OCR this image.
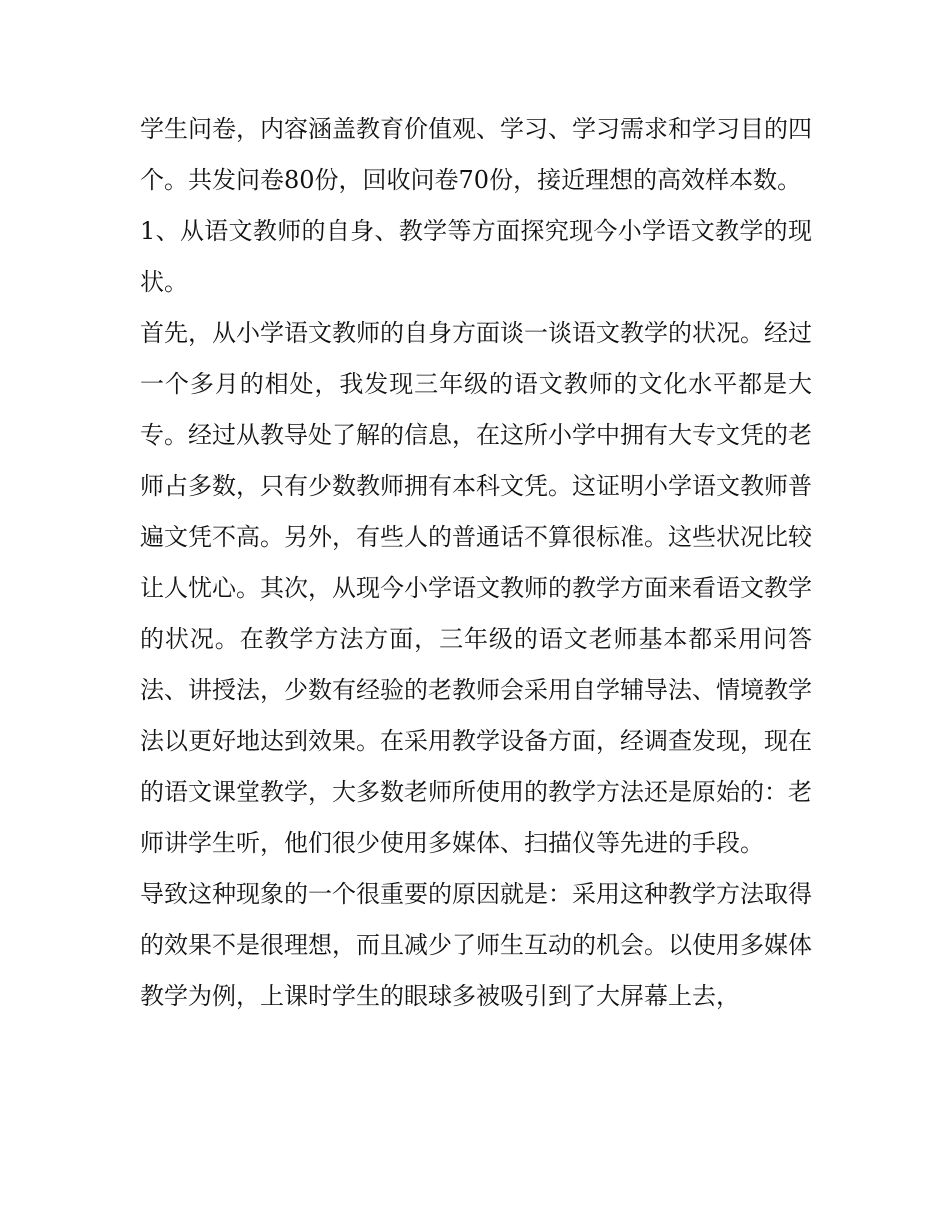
学生问卷，内容涵盖教育价值观、学习、学习需求和学习目的四个。共发问卷80份，回收问卷70份，接近理想的高效样本数。

1、从语文教师的自身、教学等方面探究现今小学语文教学的现状。

首先，从小学语文教师的自身方面谈一谈语文教学的状况。经过一个多月的相处，我发现三年级的语文教师的文化水平都是大专。经过从教导处了解的信息，在这所小学中拥有大专文凭的老师占多数，只有少数教师拥有本科文凭。这证明小学语文教师普遍文凭不高。另外，有些人的普通话不算很标准。这些状况比较让人忧心。其次，从现今小学语文教师的教学方面来看语文教学的状况。在教学方法方面，三年级的语文老师基本都采用问答法、讲授法，少数有经验的老教师会采用自学辅导法、情境教学法以更好地达到效果。在采用教学设备方面，经调查发现，现在的语文课堂教学，大多数老师所使用的教学方法还是原始的：老师讲学生听，他们很少使用多媒体、扫描仪等先进的手段。

导致这种现象的一个很重要的原因就是：采用这种教学方法取得的效果不是很理想，而且减少了师生互动的机会。以使用多媒体教学为例，上课时学生的眼球多被吸引到了大屏幕上去，
